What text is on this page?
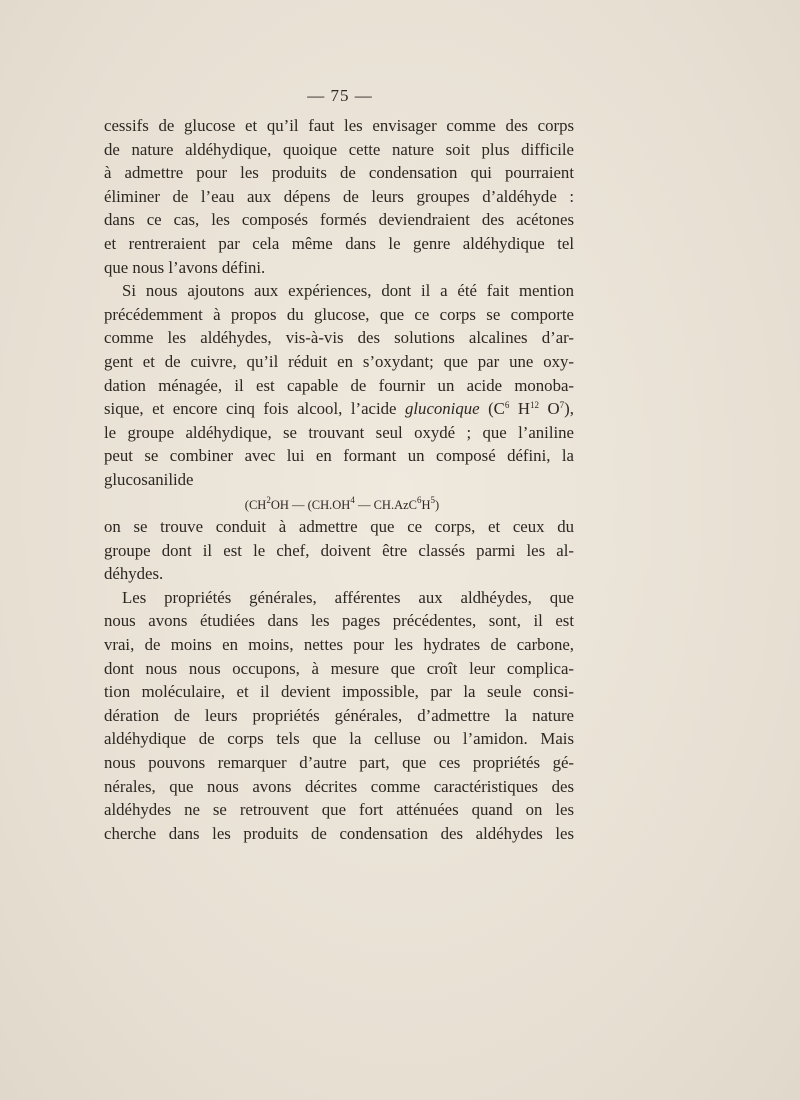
— 75 —
cessifs de glucose et qu’il faut les envisager comme des corps
de nature aldéhydique, quoique cette nature soit plus difficile
à admettre pour les produits de condensation qui pourraient
éliminer de l’eau aux dépens de leurs groupes d’aldéhyde :
dans ce cas, les composés formés deviendraient des acétones
et rentreraient par cela même dans le genre aldéhydique tel
que nous l’avons défini.
Si nous ajoutons aux expériences, dont il a été fait mention
précédemment à propos du glucose, que ce corps se comporte
comme les aldéhydes, vis-à-vis des solutions alcalines d’ar-
gent et de cuivre, qu’il réduit en s’oxydant; que par une oxy-
dation ménagée, il est capable de fournir un acide monoba-
sique, et encore cinq fois alcool, l’acide gluconique ($C^6$ $H^{12}$ $O^7$),
le groupe aldéhydique, se trouvant seul oxydé ; que l’aniline
peut se combiner avec lui en formant un composé défini, la
glucosanilide
($CH^2OH$ — ($CH.OH^4$ — $CH.AzC^6H^5$)
on se trouve conduit à admettre que ce corps, et ceux du
groupe dont il est le chef, doivent être classés parmi les al-
déhydes.
Les propriétés générales, afférentes aux aldhéydes, que
nous avons étudiées dans les pages précédentes, sont, il est
vrai, de moins en moins, nettes pour les hydrates de carbone,
dont nous nous occupons, à mesure que croît leur complica-
tion moléculaire, et il devient impossible, par la seule consi-
dération de leurs propriétés générales, d’admettre la nature
aldéhydique de corps tels que la celluse ou l’amidon. Mais
nous pouvons remarquer d’autre part, que ces propriétés gé-
nérales, que nous avons décrites comme caractéristiques des
aldéhydes ne se retrouvent que fort atténuées quand on les
cherche dans les produits de condensation des aldéhydes les
